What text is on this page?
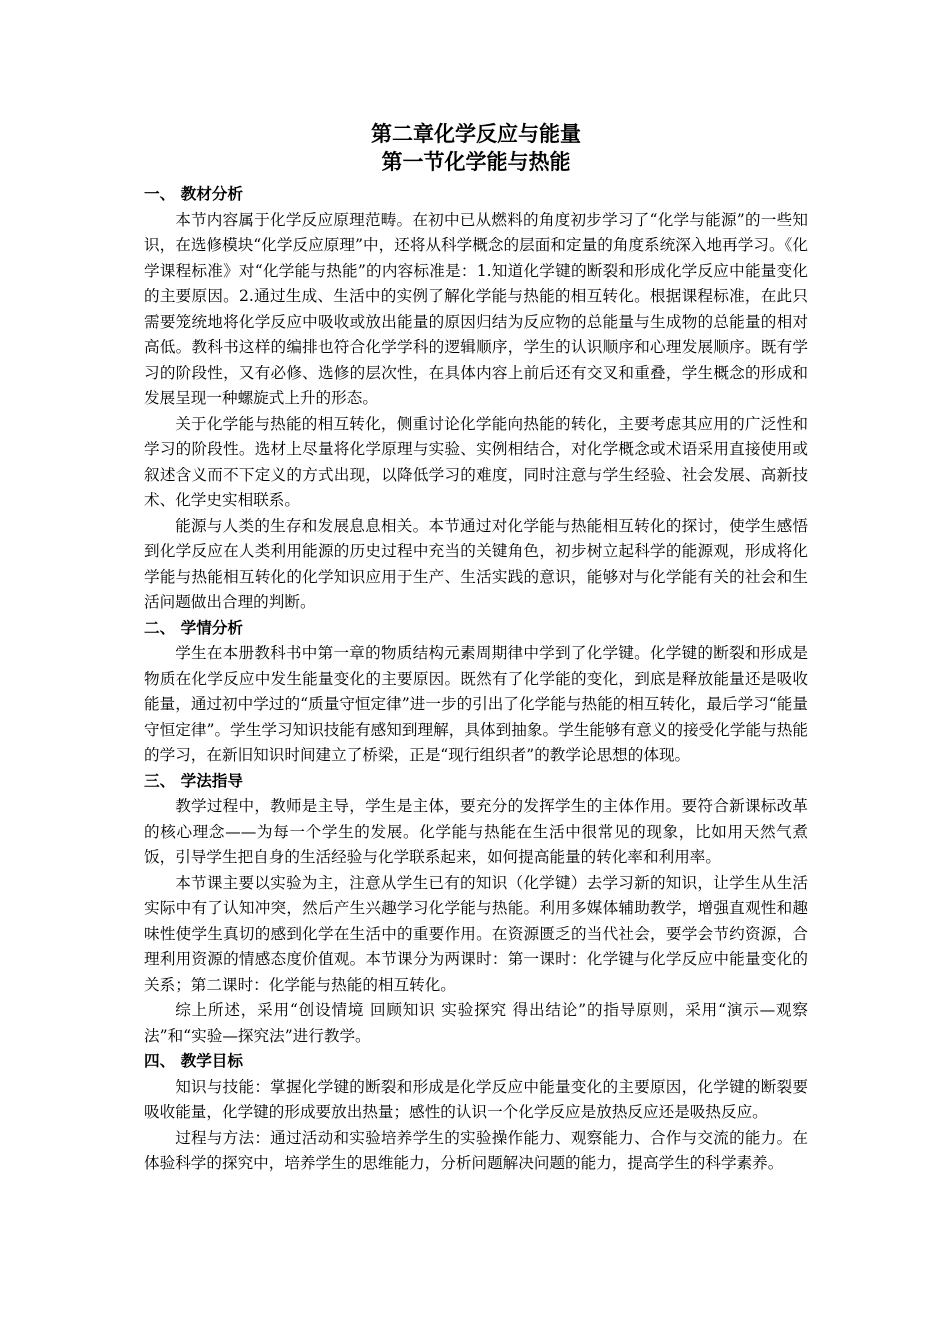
第二章化学反应与能量
第一节化学能与热能
一、 教材分析

本节内容属于化学反应原理范畴。在初中已从燃料的角度初步学习了“化学与能源”的一些知识，在选修模块“化学反应原理”中，还将从科学概念的层面和定量的角度系统深入地再学习。《化学课程标准》对“化学能与热能”的内容标准是：1.知道化学键的断裂和形成化学反应中能量变化的主要原因。2.通过生成、生活中的实例了解化学能与热能的相互转化。根据课程标准，在此只需要笼统地将化学反应中吸收或放出能量的原因归结为反应物的总能量与生成物的总能量的相对高低。教科书这样的编排也符合化学学科的逻辑顺序，学生的认识顺序和心理发展顺序。既有学习的阶段性，又有必修、选修的层次性，在具体内容上前后还有交叉和重叠，学生概念的形成和发展呈现一种螺旋式上升的形态。

关于化学能与热能的相互转化，侧重讨论化学能向热能的转化，主要考虑其应用的广泛性和学习的阶段性。选材上尽量将化学原理与实验、实例相结合，对化学概念或术语采用直接使用或叙述含义而不下定义的方式出现，以降低学习的难度，同时注意与学生经验、社会发展、高新技术、化学史实相联系。

能源与人类的生存和发展息息相关。本节通过对化学能与热能相互转化的探讨，使学生感悟到化学反应在人类利用能源的历史过程中充当的关键角色，初步树立起科学的能源观，形成将化学能与热能相互转化的化学知识应用于生产、生活实践的意识，能够对与化学能有关的社会和生活问题做出合理的判断。

二、 学情分析

学生在本册教科书中第一章的物质结构元素周期律中学到了化学键。化学键的断裂和形成是物质在化学反应中发生能量变化的主要原因。既然有了化学能的变化，到底是释放能量还是吸收能量，通过初中学过的“质量守恒定律”进一步的引出了化学能与热能的相互转化，最后学习“能量守恒定律”。学生学习知识技能有感知到理解，具体到抽象。学生能够有意义的接受化学能与热能的学习，在新旧知识时间建立了桥梁，正是“现行组织者”的教学论思想的体现。

三、 学法指导

教学过程中，教师是主导，学生是主体，要充分的发挥学生的主体作用。要符合新课标改革的核心理念——为每一个学生的发展。化学能与热能在生活中很常见的现象，比如用天然气煮饭，引导学生把自身的生活经验与化学联系起来，如何提高能量的转化率和利用率。

本节课主要以实验为主，注意从学生已有的知识（化学键）去学习新的知识，让学生从生活实际中有了认知冲突，然后产生兴趣学习化学能与热能。利用多媒体辅助教学，增强直观性和趣味性使学生真切的感到化学在生活中的重要作用。在资源匮乏的当代社会，要学会节约资源，合理利用资源的情感态度价值观。本节课分为两课时：第一课时：化学键与化学反应中能量变化的关系；第二课时：化学能与热能的相互转化。

综上所述，采用“创设情境 回顾知识 实验探究 得出结论”的指导原则，采用“演示—观察法”和“实验—探究法”进行教学。

四、 教学目标

知识与技能：掌握化学键的断裂和形成是化学反应中能量变化的主要原因，化学键的断裂要吸收能量，化学键的形成要放出热量；感性的认识一个化学反应是放热反应还是吸热反应。

过程与方法：通过活动和实验培养学生的实验操作能力、观察能力、合作与交流的能力。在体验科学的探究中，培养学生的思维能力，分析问题解决问题的能力，提高学生的科学素养。
